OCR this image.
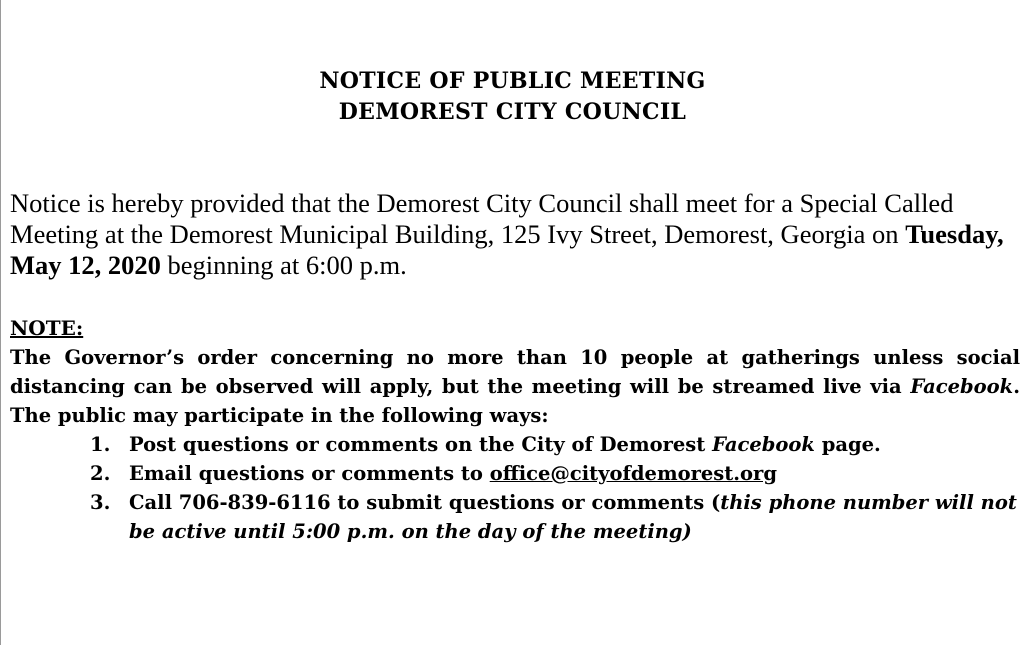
NOTICE OF PUBLIC MEETING
DEMOREST CITY COUNCIL

Notice is hereby provided that the Demorest City Council shall meet for a Special Called Meeting at the Demorest Municipal Building, 125 Ivy Street, Demorest, Georgia on Tuesday, May 12, 2020 beginning at 6:00 p.m.

NOTE:

The Governor’s order concerning no more than 10 people at gatherings unless social distancing can be observed will apply, but the meeting will be streamed live via Facebook. The public may participate in the following ways:

1. Post questions or comments on the City of Demorest Facebook page.
2. Email questions or comments to office@cityofdemorest.org
3. Call 706-839-6116 to submit questions or comments (this phone number will not be active until 5:00 p.m. on the day of the meeting)
